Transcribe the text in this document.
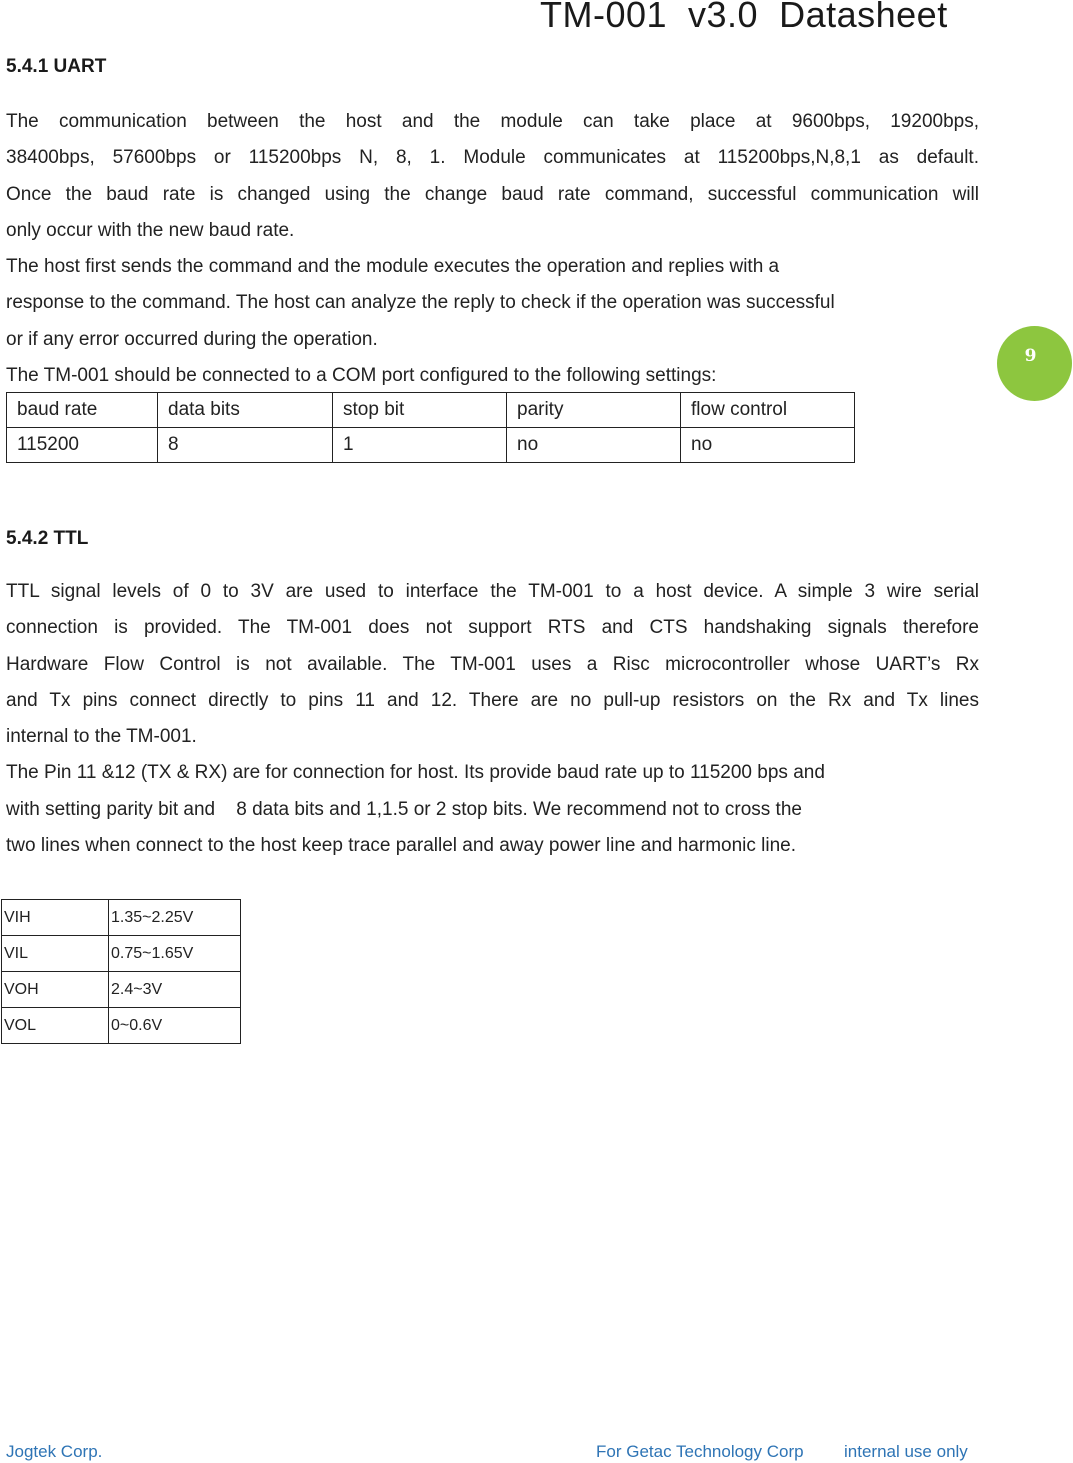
TM-001  v3.0  Datasheet
9
5.4.1 UART
The communication between the host and the module can take place at 9600bps, 19200bps,
38400bps, 57600bps or 115200bps N, 8, 1. Module communicates at 115200bps,N,8,1 as default.
Once the baud rate is changed using the change baud rate command, successful communication will
only occur with the new baud rate.
The host first sends the command and the module executes the operation and replies with a
response to the command. The host can analyze the reply to check if the operation was successful
or if any error occurred during the operation.
The TM-001 should be connected to a COM port configured to the following settings:
baud rate	data bits	stop bit	parity	flow control
115200	8	1	no	no
5.4.2 TTL
TTL signal levels of 0 to 3V are used to interface the TM-001 to a host device. A simple 3 wire serial
connection is provided. The TM-001 does not support RTS and CTS handshaking signals therefore
Hardware Flow Control is not available. The TM-001 uses a Risc microcontroller whose UART’s Rx
and Tx pins connect directly to pins 11 and 12. There are no pull-up resistors on the Rx and Tx lines
internal to the TM-001.
The Pin 11 &12 (TX & RX) are for connection for host. Its provide baud rate up to 115200 bps and
with setting parity bit and    8 data bits and 1,1.5 or 2 stop bits. We recommend not to cross the
two lines when connect to the host keep trace parallel and away power line and harmonic line.
VIH	1.35~2.25V
VIL	0.75~1.65V
VOH	2.4~3V
VOL	0~0.6V
Jogtek Corp.	For Getac Technology Corp internal use only
